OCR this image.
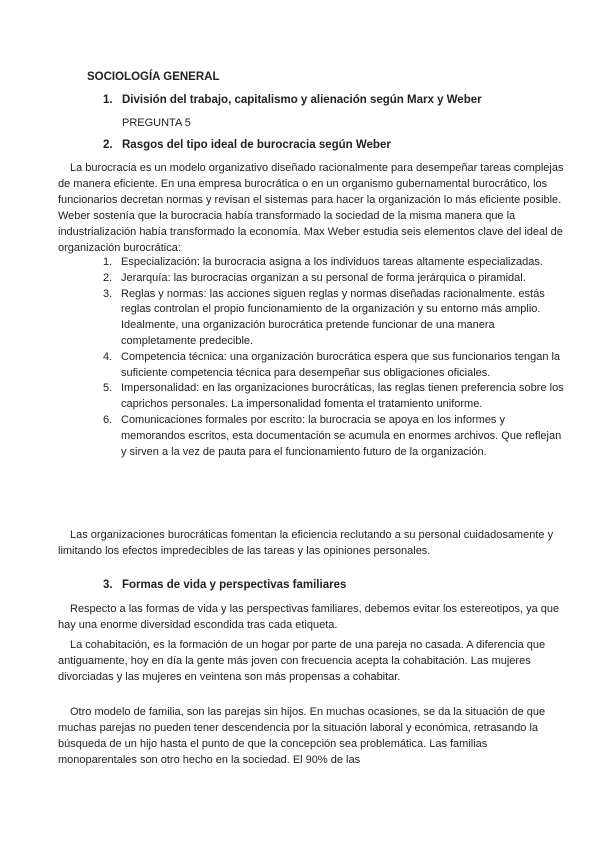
SOCIOLOGÍA GENERAL
1. División del trabajo, capitalismo y alienación según Marx y Weber
PREGUNTA 5
2. Rasgos del tipo ideal de burocracia según Weber
La burocracia es un modelo organizativo diseñado racionalmente para desempeñar tareas complejas de manera eficiente. En una empresa burocrática o en un organismo gubernamental burocrático, los funcionarios decretan normas y revisan el sistemas para hacer la organización lo más eficiente posible. Weber sostenía que la burocracia había transformado la sociedad de la misma manera que la industrialización había transformado la economía. Max Weber estudia seis elementos clave del ideal de organización burocrática:
1. Especialización: la burocracia asigna a los individuos tareas altamente especializadas.
2. Jerarquía: las burocracias organizan a su personal de forma jerárquica o piramidal.
3. Reglas y normas: las acciones siguen reglas y normas diseñadas racionalmente. estás reglas controlan el propio funcionamiento de la organización y su entorno más amplio. Idealmente, una organización burocrática pretende funcionar de una manera completamente predecible.
4. Competencia técnica: una organización burocrática espera que sus funcionarios tengan la suficiente competencia técnica para desempeñar sus obligaciones oficiales.
5. Impersonalidad: en las organizaciones burocráticas, las reglas tienen preferencia sobre los caprichos personales. La impersonalidad fomenta el tratamiento uniforme.
6. Comunicaciones formales por escrito: la burocracia se apoya en los informes y memorandos escritos, esta documentación se acumula en enormes archivos. Que reflejan y sirven a la vez de pauta para el funcionamiento futuro de la organización.
Las organizaciones burocráticas fomentan la eficiencia reclutando a su personal cuidadosamente y limitando los efectos impredecibles de las tareas y las opiniones personales.
3. Formas de vida y perspectivas familiares
Respecto a las formas de vida y las perspectivas familiares, debemos evitar los estereotipos, ya que hay una enorme diversidad escondida tras cada etiqueta.
La cohabitación, es la formación de un hogar por parte de una pareja no casada. A diferencia que antiguamente, hoy en día la gente más joven con frecuencia acepta la cohabitación. Las mujeres divorciadas y las mujeres en veintena son más propensas a cohabitar.
Otro modelo de familia, son las parejas sin hijos. En muchas ocasiones, se da la situación de que muchas parejas no pueden tener descendencia por la situación laboral y económica, retrasando la búsqueda de un hijo hasta el punto de que la concepción sea problemática. Las familias monoparentales son otro hecho en la sociedad. El 90% de las
